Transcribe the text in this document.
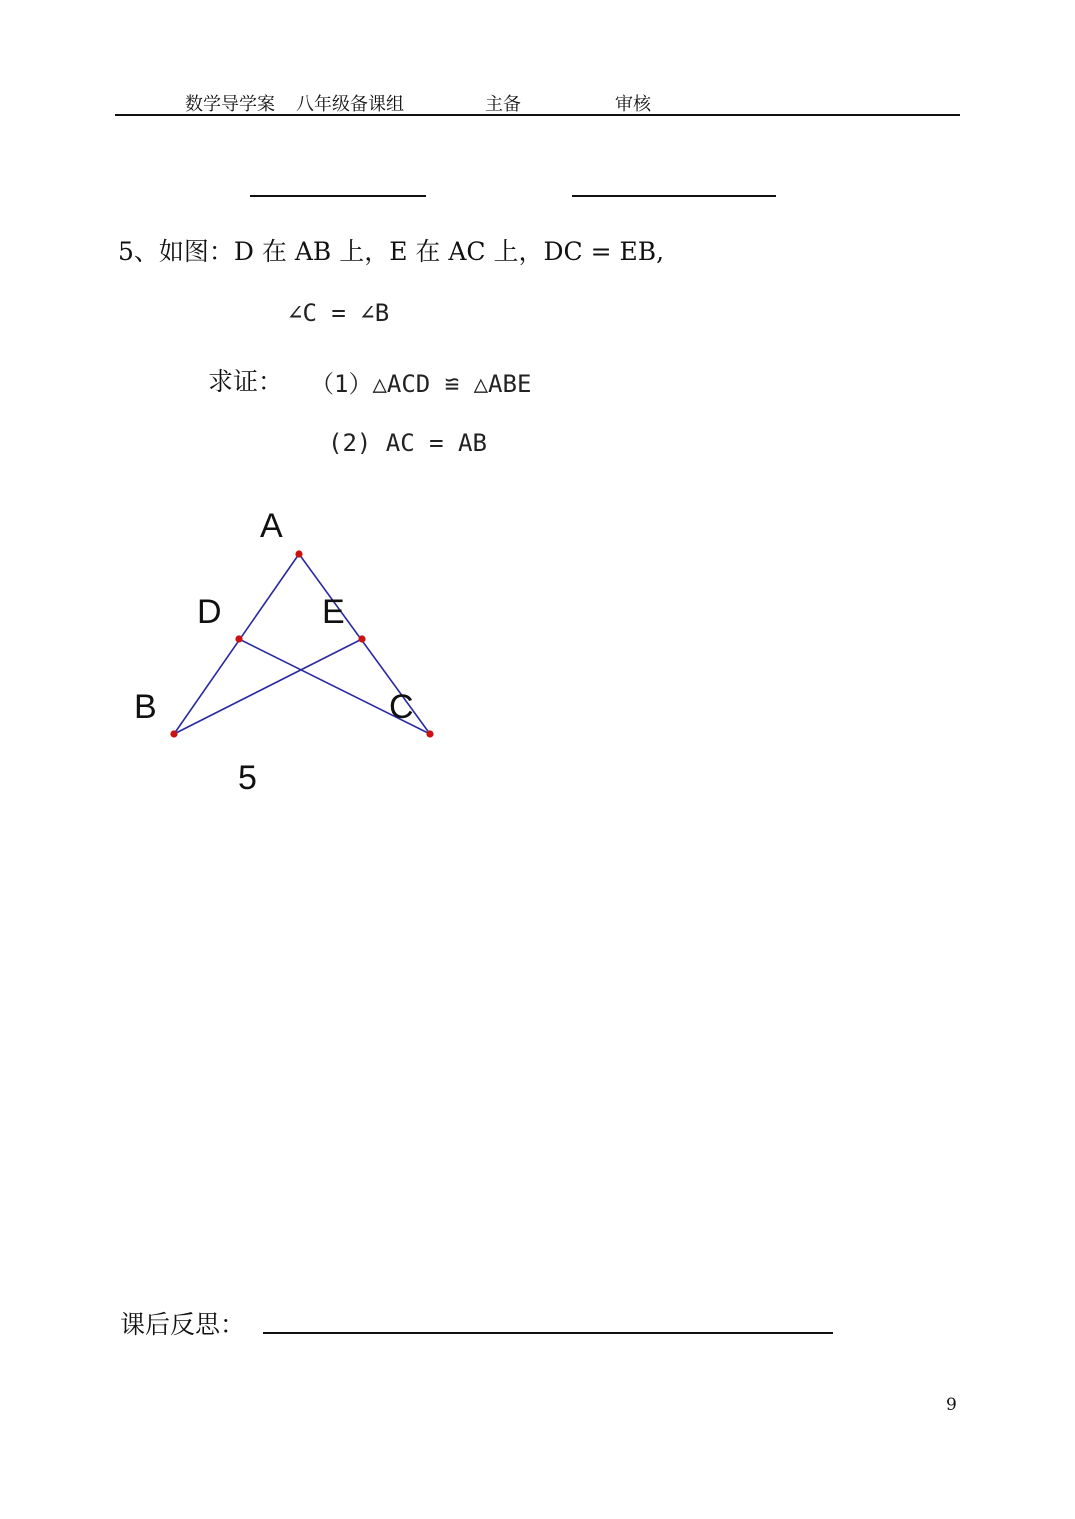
数学导学案 八年级备课组	主备	审核
5、如图：D 在 AB 上，E 在 AC 上，DC = EB,
∠C = ∠B
求证： （1）△ACD ≌ △ABE
(2) AC = AB
A
D	E
B	C
5
课后反思：
9
